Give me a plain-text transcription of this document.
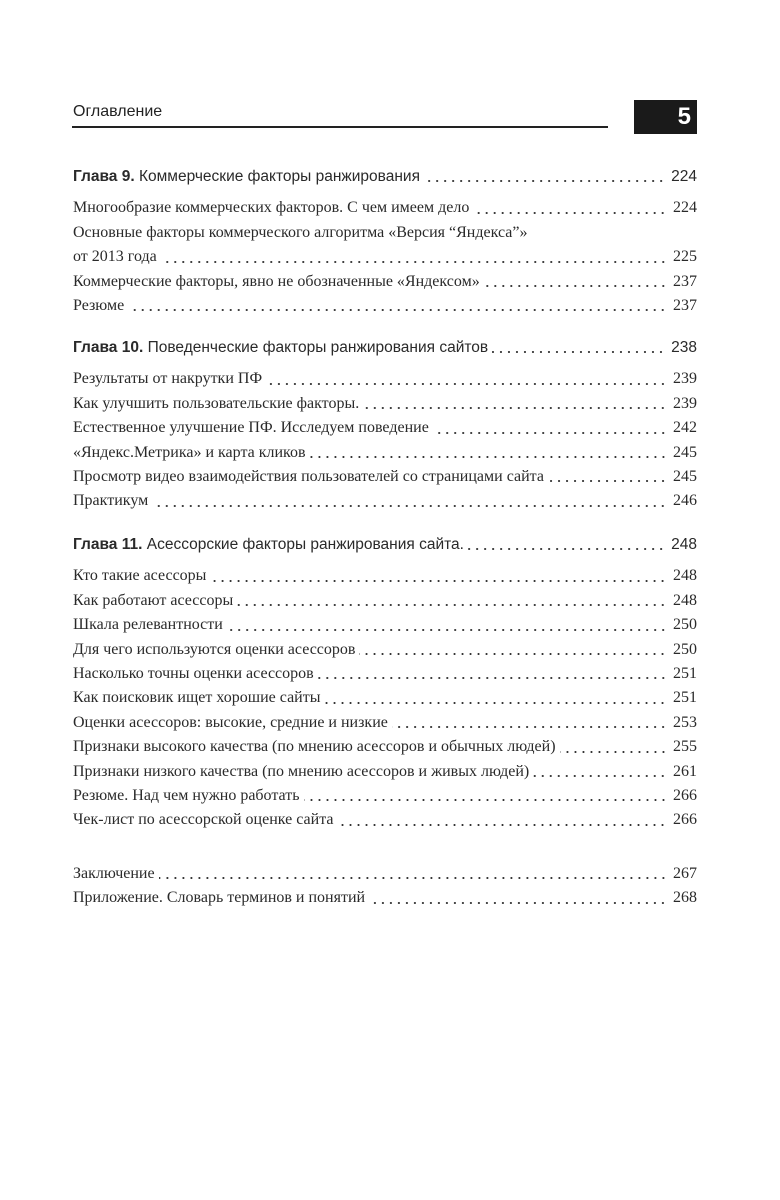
Оглавление	5
Глава 9. Коммерческие факторы ранжирования	224
Многообразие коммерческих факторов. С чем имеем дело	224
Основные факторы коммерческого алгоритма «Версия “Яндекса”»
от 2013 года	225
Коммерческие факторы, явно не обозначенные «Яндексом»	237
Резюме	237
Глава 10. Поведенческие факторы ранжирования сайтов	238
Результаты от накрутки ПФ	239
Как улучшить пользовательские факторы.	239
Естественное улучшение ПФ. Исследуем поведение	242
«Яндекс.Метрика» и карта кликов	245
Просмотр видео взаимодействия пользователей со страницами сайта	245
Практикум	246
Глава 11. Асессорские факторы ранжирования сайта.	248
Кто такие асессоры	248
Как работают асессоры	248
Шкала релевантности	250
Для чего используются оценки асессоров	250
Насколько точны оценки асессоров	251
Как поисковик ищет хорошие сайты	251
Оценки асессоров: высокие, средние и низкие	253
Признаки высокого качества (по мнению асессоров и обычных людей)	255
Признаки низкого качества (по мнению асессоров и живых людей)	261
Резюме. Над чем нужно работать	266
Чек-лист по асессорской оценке сайта	266
Заключение	267
Приложение. Словарь терминов и понятий	268
